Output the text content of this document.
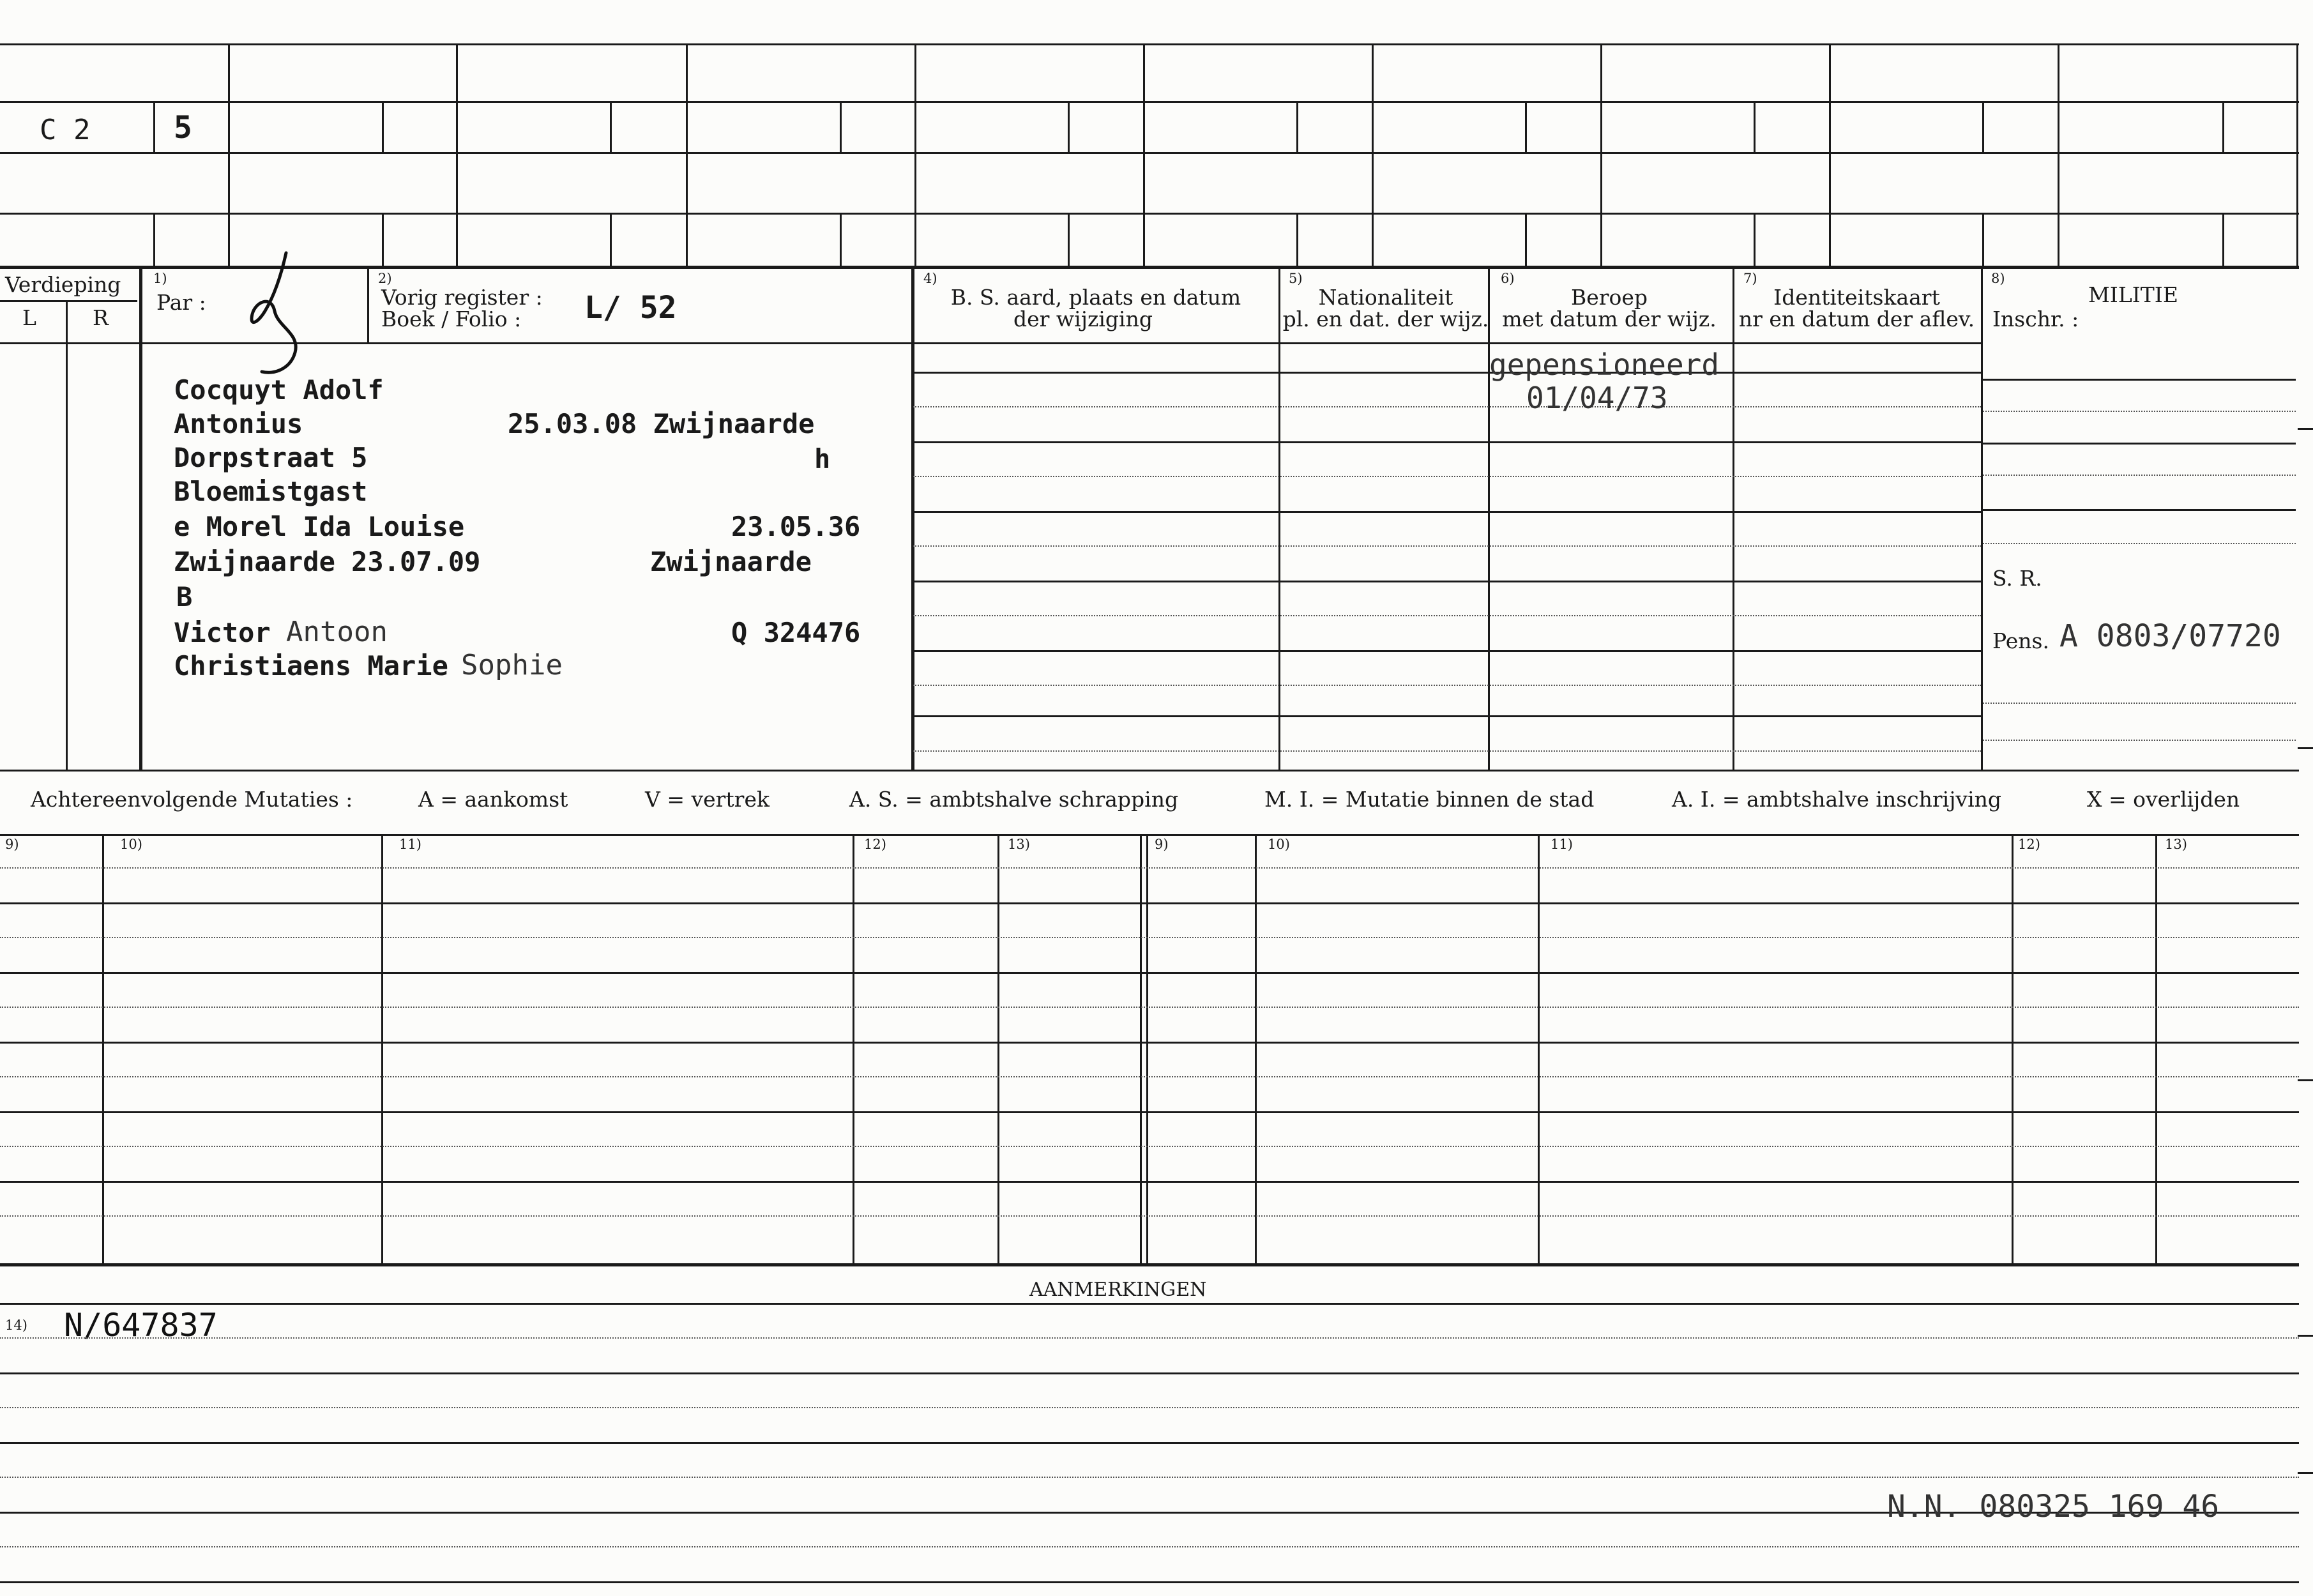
C 2	5
Verdieping
L	R
1)
Par :
2)
Vorig register :
Boek / Folio : L/ 52
4)
B. S. aard, plaats en datum
der wijziging
5)
Nationaliteit
pl. en dat. der wijz.
6)
Beroep
met datum der wijz.
7)
Identiteitskaart
nr en datum der aflev.
8)
MILITIE
Inschr. :
Cocquyt Adolf
Antonius	25.03.08 Zwijnaarde
Dorpstraat 5	h
Bloemistgast
e Morel Ida Louise	23.05.36
Zwijnaarde 23.07.09	Zwijnaarde
B
Victor Antoon	Q 324476
Christiaens Marie Sophie
gepensioneerd
01/04/73
S. R.
Pens. A 0803/07720
Achtereenvolgende Mutaties :	A = aankomst	V = vertrek	A. S. = ambtshalve schrapping	M. I. = Mutatie binnen de stad	A. I. = ambtshalve inschrijving	X = overlijden
9)	10)	11)	12)	13)	9)	10)	11)	12)	13)
AANMERKINGEN
14) N/647837
N.N. 080325 169 46
